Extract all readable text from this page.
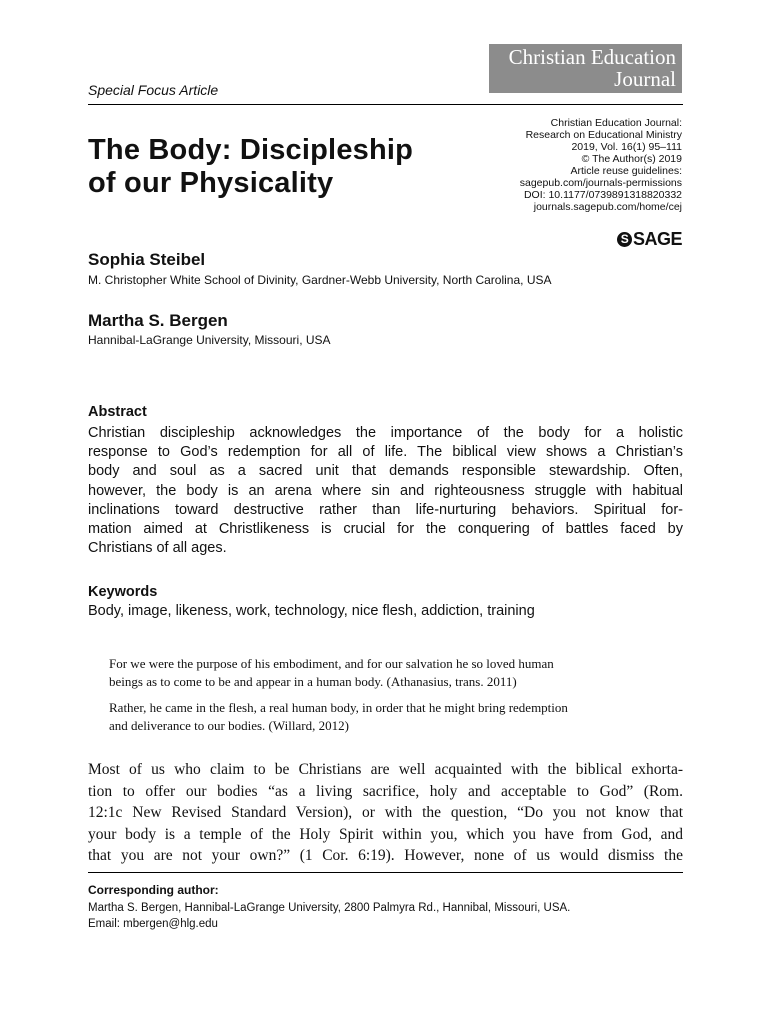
Christian Education
Journal
Special Focus Article
The Body: Discipleship
of our Physicality
Christian Education Journal:
Research on Educational Ministry
2019, Vol. 16(1) 95–111
© The Author(s) 2019
Article reuse guidelines:
sagepub.com/journals-permissions
DOI: 10.1177/0739891318820332
journals.sagepub.com/home/cej
S SAGE
Sophia Steibel
M. Christopher White School of Divinity, Gardner-Webb University, North Carolina, USA
Martha S. Bergen
Hannibal-LaGrange University, Missouri, USA
Abstract
Christian discipleship acknowledges the importance of the body for a holistic
response to God’s redemption for all of life. The biblical view shows a Christian’s
body and soul as a sacred unit that demands responsible stewardship. Often,
however, the body is an arena where sin and righteousness struggle with habitual
inclinations toward destructive rather than life-nurturing behaviors. Spiritual for-
mation aimed at Christlikeness is crucial for the conquering of battles faced by
Christians of all ages.
Keywords
Body, image, likeness, work, technology, nice flesh, addiction, training
For we were the purpose of his embodiment, and for our salvation he so loved human
beings as to come to be and appear in a human body. (Athanasius, trans. 2011)
Rather, he came in the flesh, a real human body, in order that he might bring redemption
and deliverance to our bodies. (Willard, 2012)
Most of us who claim to be Christians are well acquainted with the biblical exhorta-
tion to offer our bodies “as a living sacrifice, holy and acceptable to God” (Rom.
12:1c New Revised Standard Version), or with the question, “Do you not know that
your body is a temple of the Holy Spirit within you, which you have from God, and
that you are not your own?” (1 Cor. 6:19). However, none of us would dismiss the
Corresponding author:
Martha S. Bergen, Hannibal-LaGrange University, 2800 Palmyra Rd., Hannibal, Missouri, USA.
Email: mbergen@hlg.edu
